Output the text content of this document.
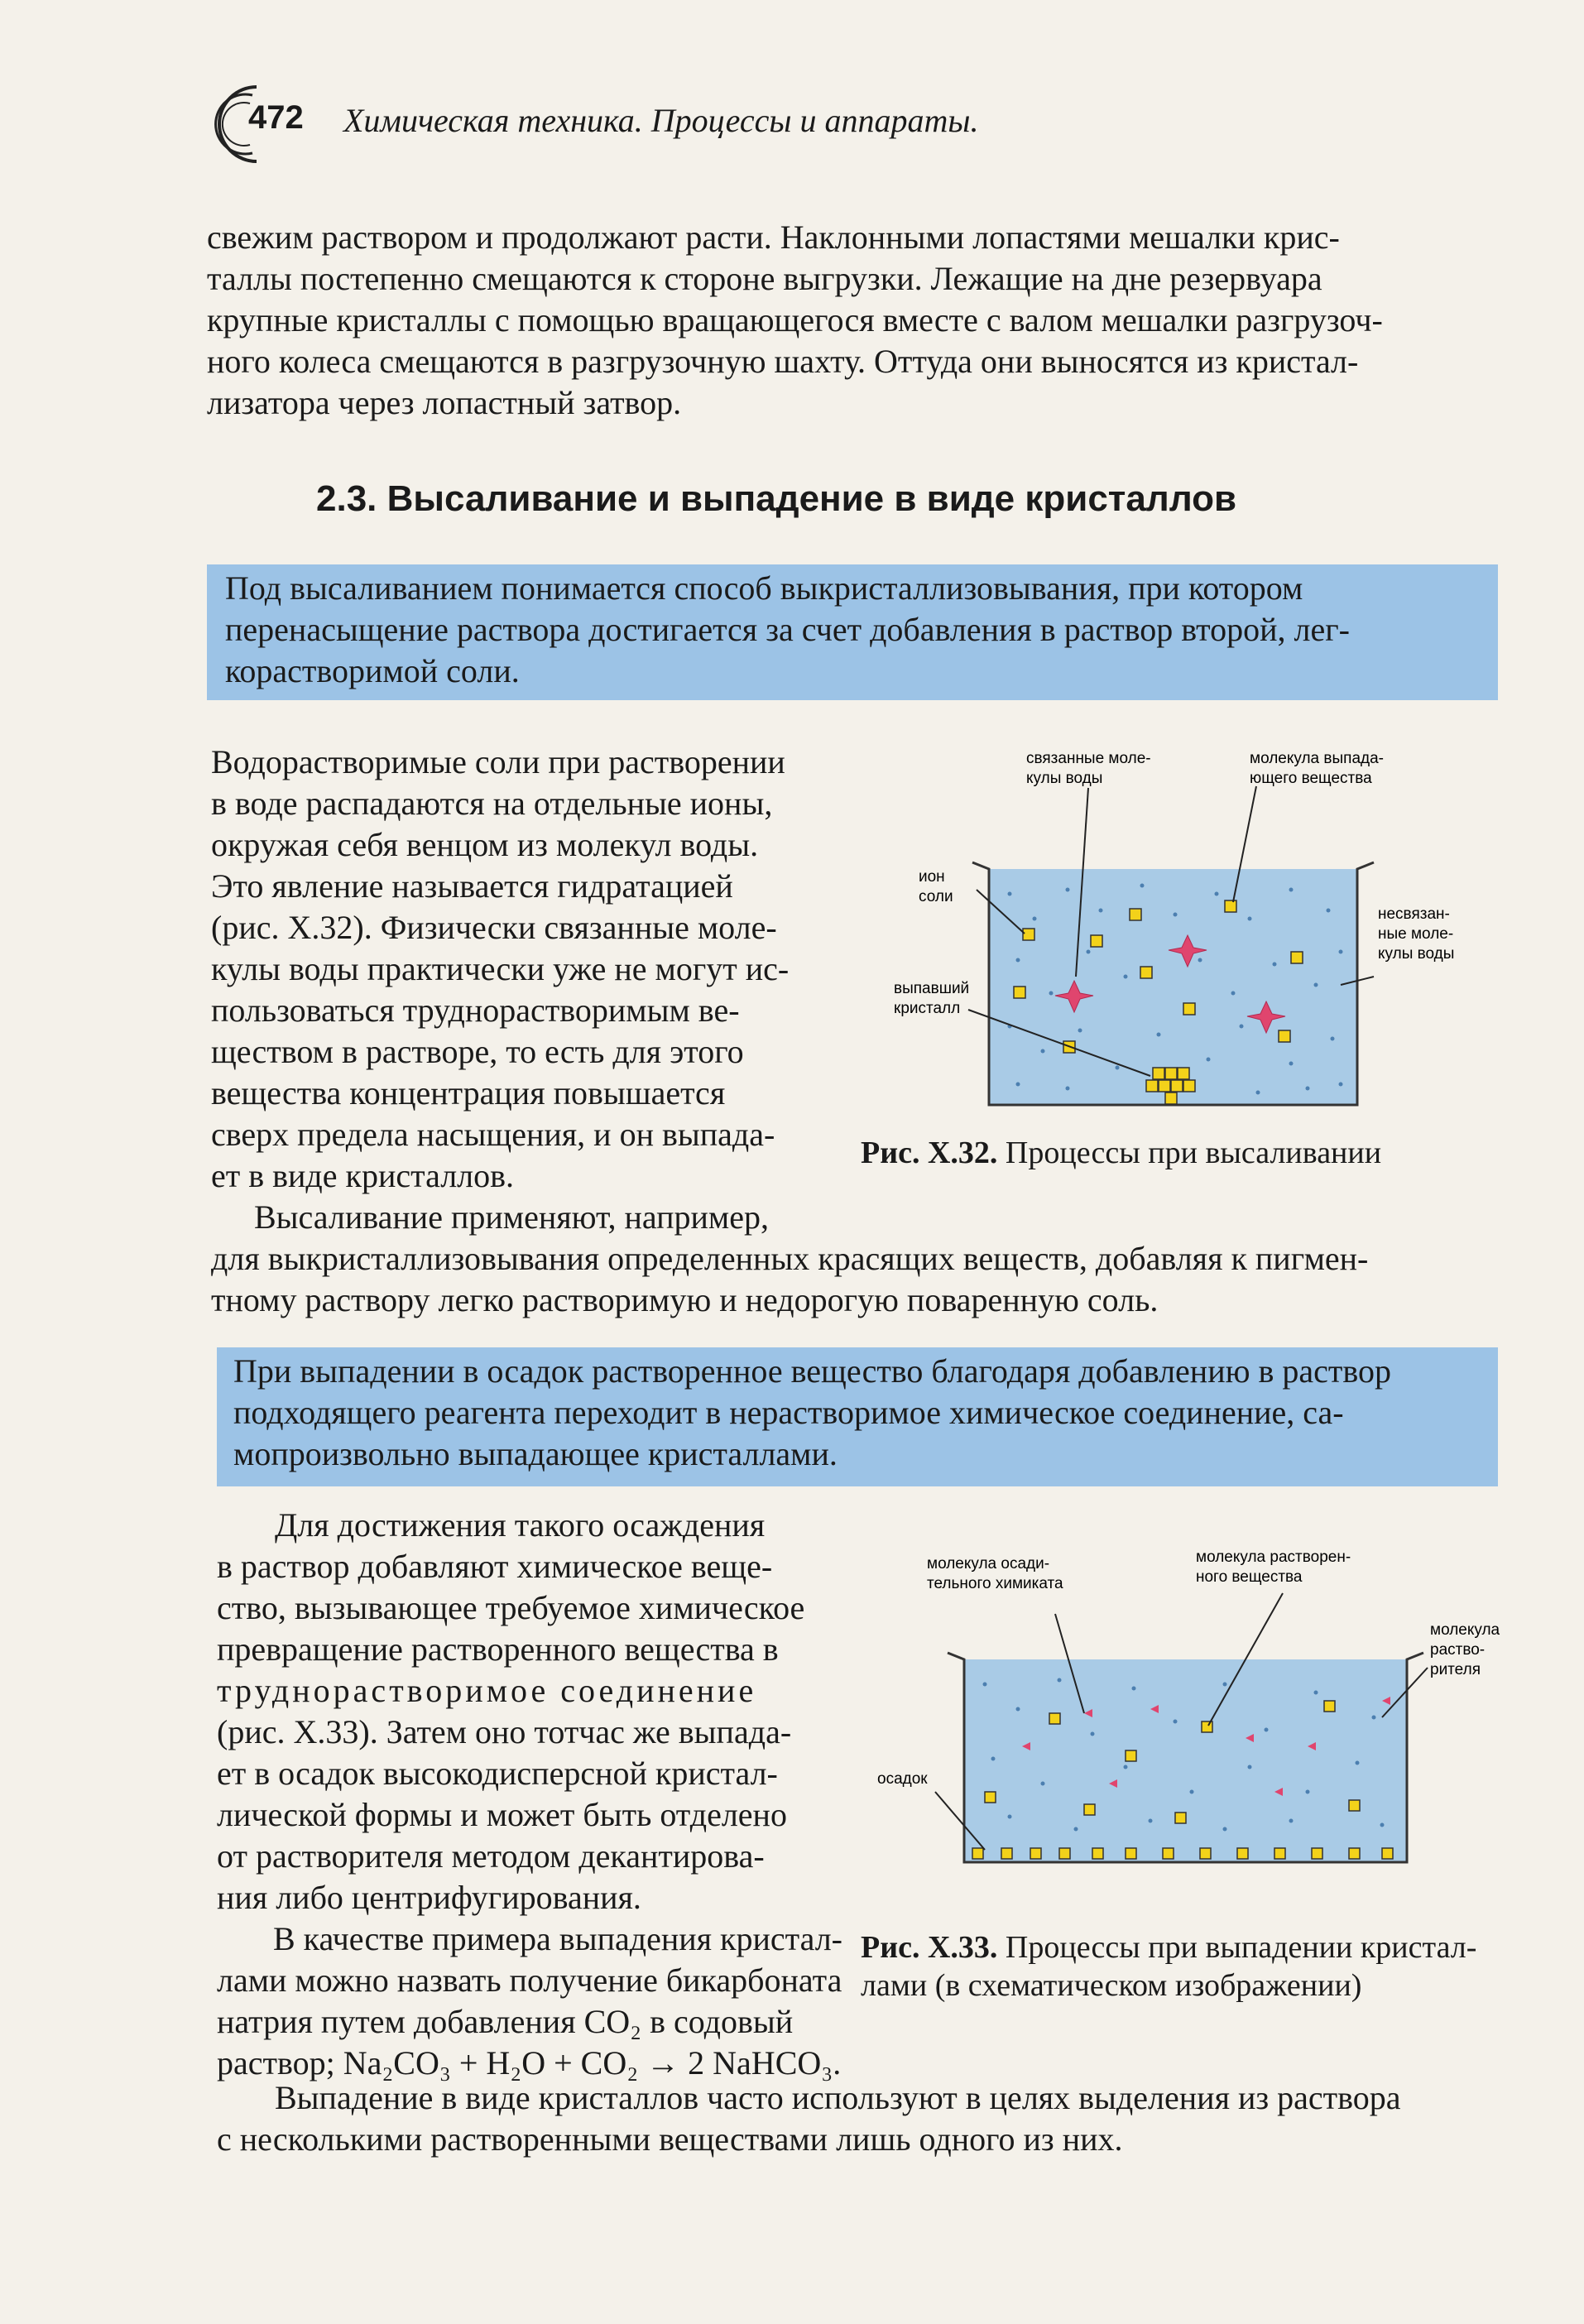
472 Химическая техника. Процессы и аппараты.
свежим раствором и продолжают расти. Наклонными лопастями мешалки крис-
таллы постепенно смещаются к стороне выгрузки. Лежащие на дне резервуара
крупные кристаллы с помощью вращающегося вместе с валом мешалки разгрузоч-
ного колеса смещаются в разгрузочную шахту. Оттуда они выносятся из кристал-
лизатора через лопастный затвор.
2.3. Высаливание и выпадение в виде кристаллов
Под высаливанием понимается способ выкристаллизовывания, при котором
перенасыщение раствора достигается за счет добавления в раствор второй, лег-
корастворимой соли.
Водорастворимые соли при растворении
в воде распадаются на отдельные ионы,
окружая себя венцом из молекул воды.
Это явление называется гидратацией
(рис. X.32). Физически связанные моле-
кулы воды практически уже не могут ис-
пользоваться труднорастворимым ве-
ществом в растворе, то есть для этого
вещества концентрация повышается
сверх предела насыщения, и он выпада-
ет в виде кристаллов.
связанные моле-кулы воды
молекула выпада-ющего вещества
ион соли
несвязан-ные моле-кулы воды
выпавший кристалл
Рис. X.32. Процессы при высаливании
Высаливание применяют, например,
для выкристаллизовывания определенных красящих веществ, добавляя к пигмен-
тному раствору легко растворимую и недорогую поваренную соль.
При выпадении в осадок растворенное вещество благодаря добавлению в раствор
подходящего реагента переходит в нерастворимое химическое соединение, са-
мопроизвольно выпадающее кристаллами.
Для достижения такого осаждения
в раствор добавляют химическое веще-
ство, вызывающее требуемое химическое
превращение растворенного вещества в
труднорастворимое соединение
(рис. X.33). Затем оно тотчас же выпада-
ет в осадок высокодисперсной кристал-
лической формы и может быть отделено
от растворителя методом декантирова-
ния либо центрифугирования.
В качестве примера выпадения кристал-
лами можно назвать получение бикарбоната
натрия путем добавления CO₂ в содовый
раствор; Na₂CO₃ + H₂O + CO₂ → 2 NaHCO₃.
молекула осади-тельного химиката
молекула растворен-ного вещества
молекула раство-рителя
осадок
Рис. X.33. Процессы при выпадении кристал-
лами (в схематическом изображении)
Выпадение в виде кристаллов часто используют в целях выделения из раствора
с несколькими растворенными веществами лишь одного из них.
